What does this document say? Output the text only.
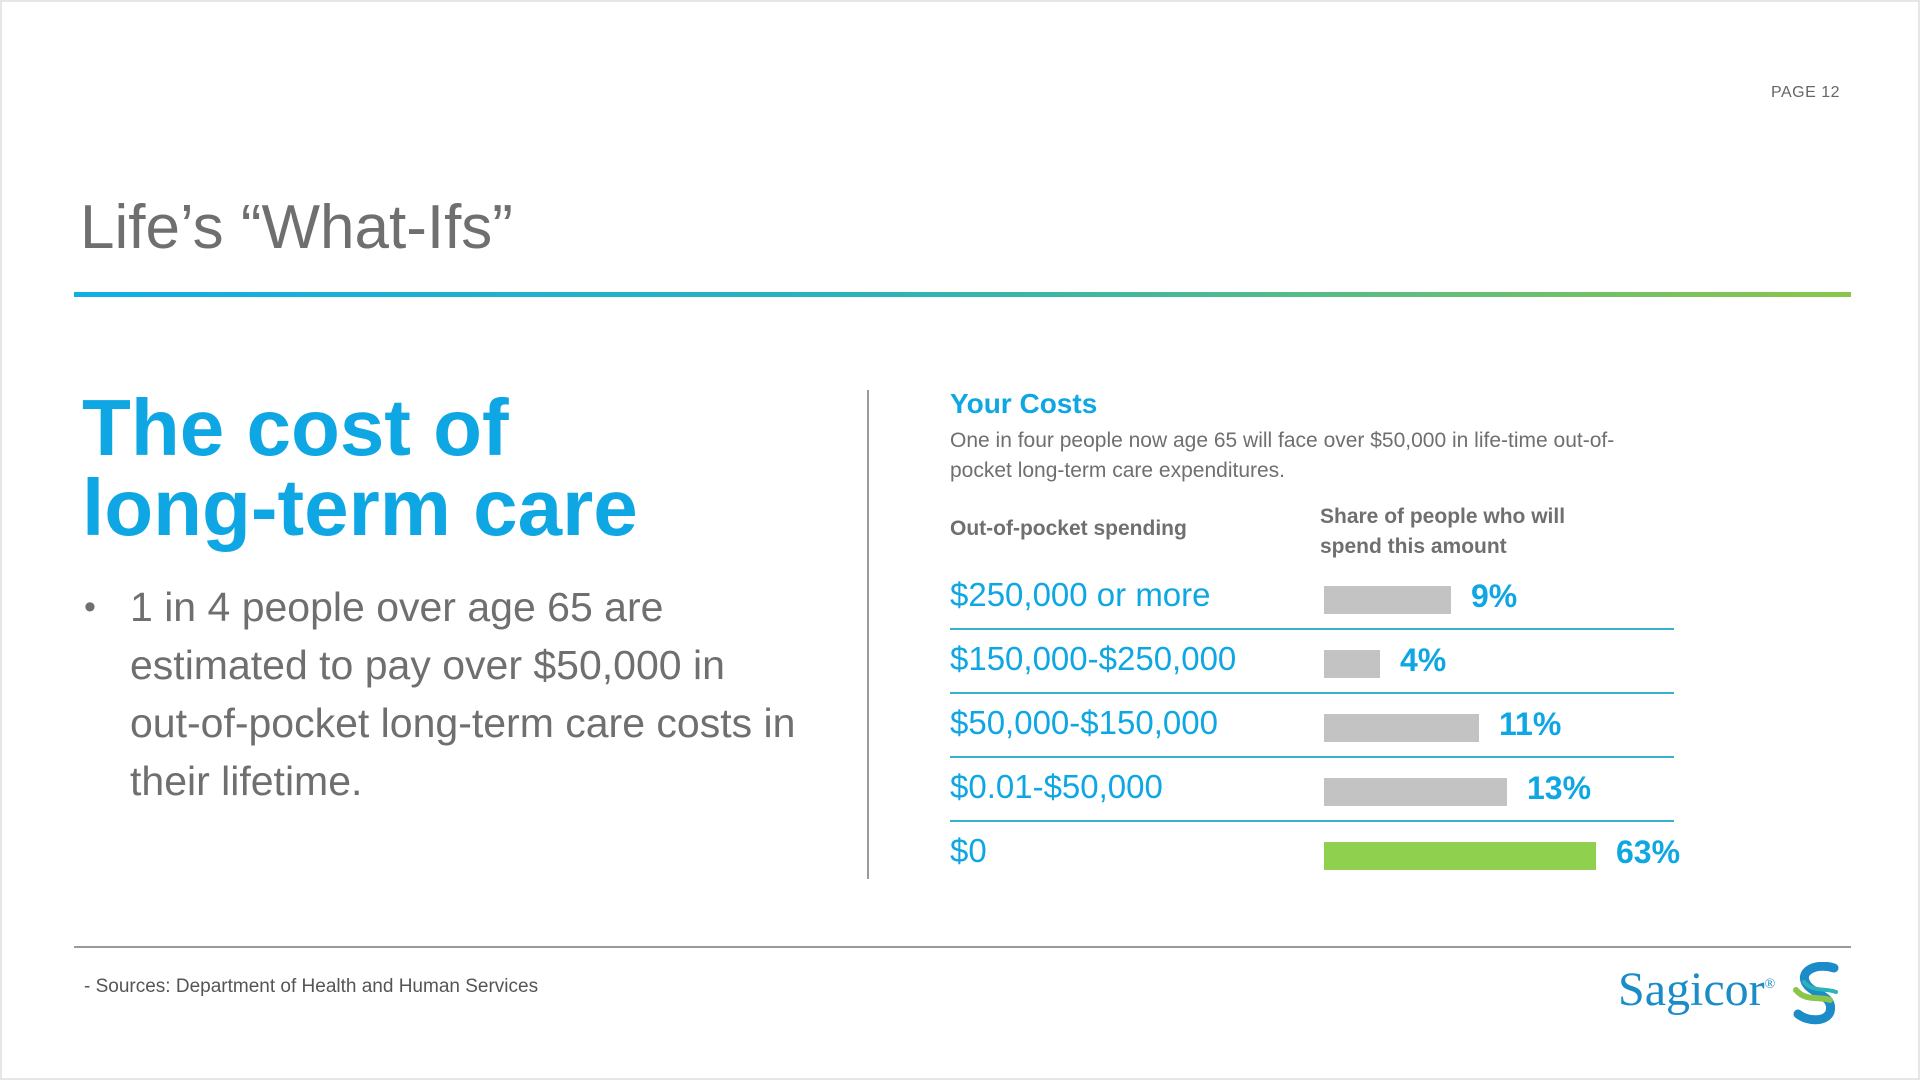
PAGE 12
Life’s “What-Ifs”
The cost of
long-term care
• 1 in 4 people over age 65 are estimated to pay over $50,000 in out-of-pocket long-term care costs in their lifetime.
Your Costs
One in four people now age 65 will face over $50,000 in life-time out-of-pocket long-term care expenditures.
Out-of-pocket spending
Share of people who will spend this amount
$250,000 or more	9%
$150,000-$250,000	4%
$50,000-$150,000	11%
$0.01-$50,000	13%
$0	63%
- Sources: Department of Health and Human Services	Sagicor®
